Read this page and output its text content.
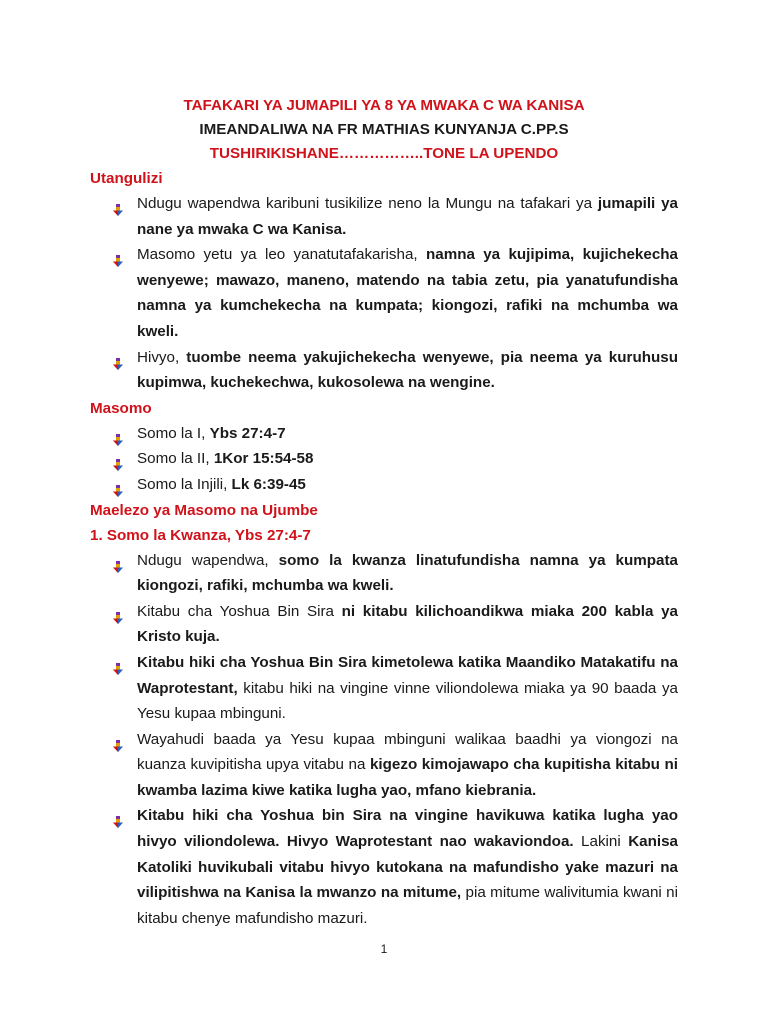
TAFAKARI YA JUMAPILI YA 8 YA MWAKA C WA KANISA
IMEANDALIWA NA FR MATHIAS KUNYANJA C.PP.S
TUSHIRIKISHANE……………..TONE LA UPENDO
Utangulizi
Ndugu wapendwa karibuni tusikilize neno la Mungu na tafakari ya jumapili ya nane ya mwaka C wa Kanisa.
Masomo yetu ya leo yanatutafakarisha, namna ya kujipima, kujichekecha wenyewe; mawazo, maneno, matendo na tabia zetu, pia yanatufundisha namna ya kumchekecha na kumpata; kiongozi, rafiki na mchumba wa kweli.
Hivyo, tuombe neema yakujichekecha wenyewe, pia neema ya kuruhusu kupimwa, kuchekechwa, kukosolewa na wengine.
Masomo
Somo la I, Ybs 27:4-7
Somo la II, 1Kor 15:54-58
Somo la Injili, Lk 6:39-45
Maelezo ya Masomo na Ujumbe
1. Somo la Kwanza, Ybs 27:4-7
Ndugu wapendwa, somo la kwanza linatufundisha namna ya kumpata kiongozi, rafiki, mchumba wa kweli.
Kitabu cha Yoshua Bin Sira ni kitabu kilichoandikwa miaka 200 kabla ya Kristo kuja.
Kitabu hiki cha Yoshua Bin Sira kimetolewa katika Maandiko Matakatifu na Waprotestant, kitabu hiki na vingine vinne viliondolewa miaka ya 90 baada ya Yesu kupaa mbinguni.
Wayahudi baada ya Yesu kupaa mbinguni walikaa baadhi ya viongozi na kuanza kuvipitisha upya vitabu na kigezo kimojawapo cha kupitisha kitabu ni kwamba lazima kiwe katika lugha yao, mfano kiebrania.
Kitabu hiki cha Yoshua bin Sira na vingine havikuwa katika lugha yao hivyo viliondolewa. Hivyo Waprotestant nao wakaviondoa. Lakini Kanisa Katoliki huvikubali vitabu hivyo kutokana na mafundisho yake mazuri na vilipitishwa na Kanisa la mwanzo na mitume, pia mitume walivitumia kwani ni kitabu chenye mafundisho mazuri.
1
